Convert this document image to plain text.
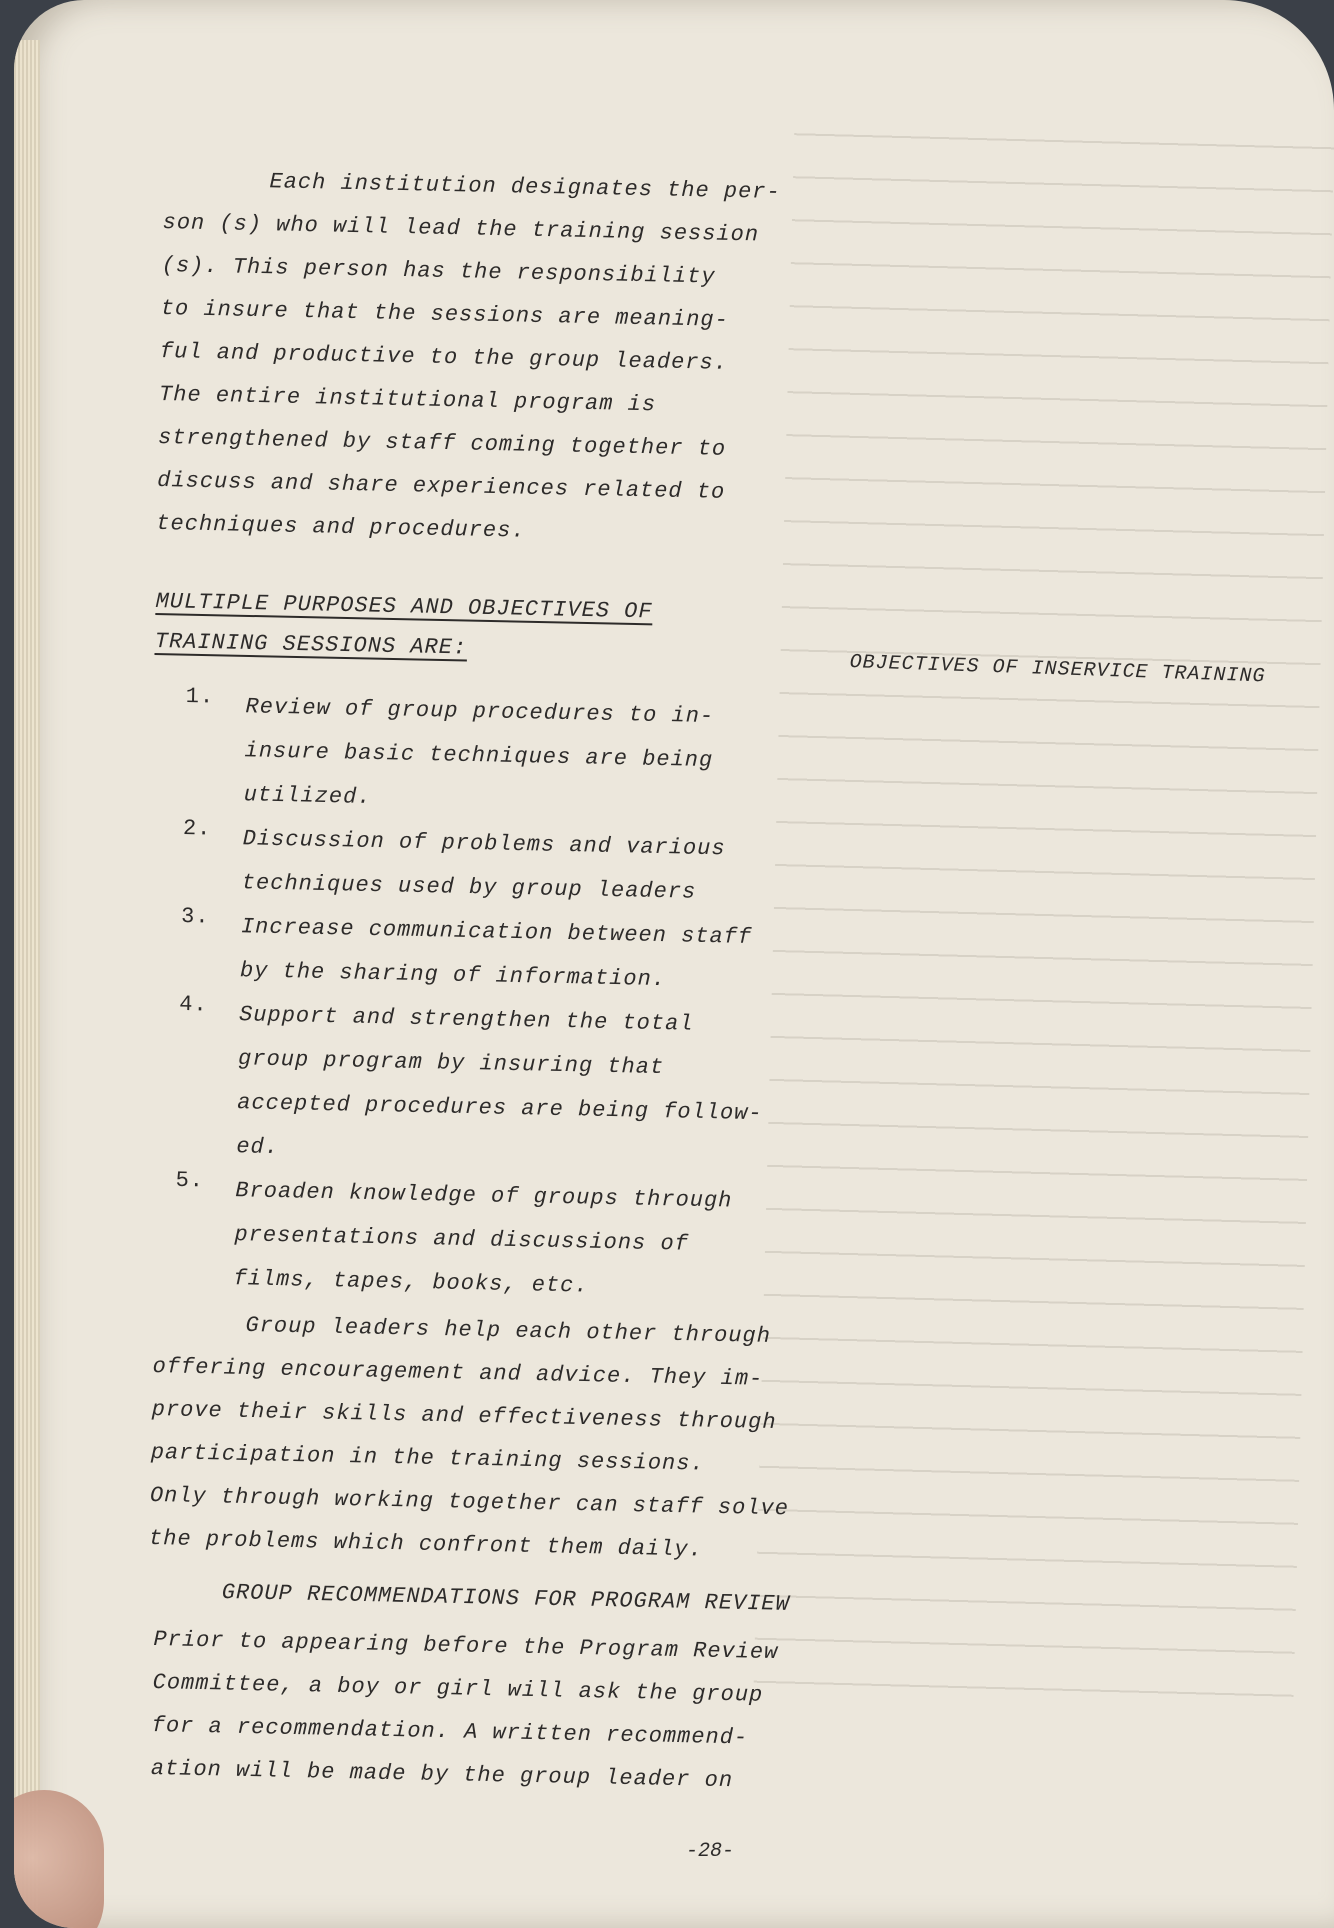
Each institution designates the per-

son (s) who will lead the training session

(s). This person has the responsibility

to insure that the sessions are meaning-

ful and productive to the group leaders.

The entire institutional program is

strengthened by staff coming together to

discuss and share experiences related to

techniques and procedures.

MULTIPLE PURPOSES AND OBJECTIVES OF
TRAINING SESSIONS ARE:
1. Review of group procedures to in-
insure basic techniques are being
utilized.
2. Discussion of problems and various
techniques used by group leaders
3. Increase communication between staff
by the sharing of information.
4. Support and strengthen the total
group program by insuring that
accepted procedures are being follow-
ed.
5. Broaden knowledge of groups through
presentations and discussions of
films, tapes, books, etc.

Group leaders help each other through

offering encouragement and advice. They im-

prove their skills and effectiveness through

participation in the training sessions.

Only through working together can staff solve

the problems which confront them daily.

GROUP RECOMMENDATIONS FOR PROGRAM REVIEW

Prior to appearing before the Program Review

Committee, a boy or girl will ask the group

for a recommendation. A written recommend-

ation will be made by the group leader on

OBJECTIVES OF INSERVICE TRAINING
-28-
